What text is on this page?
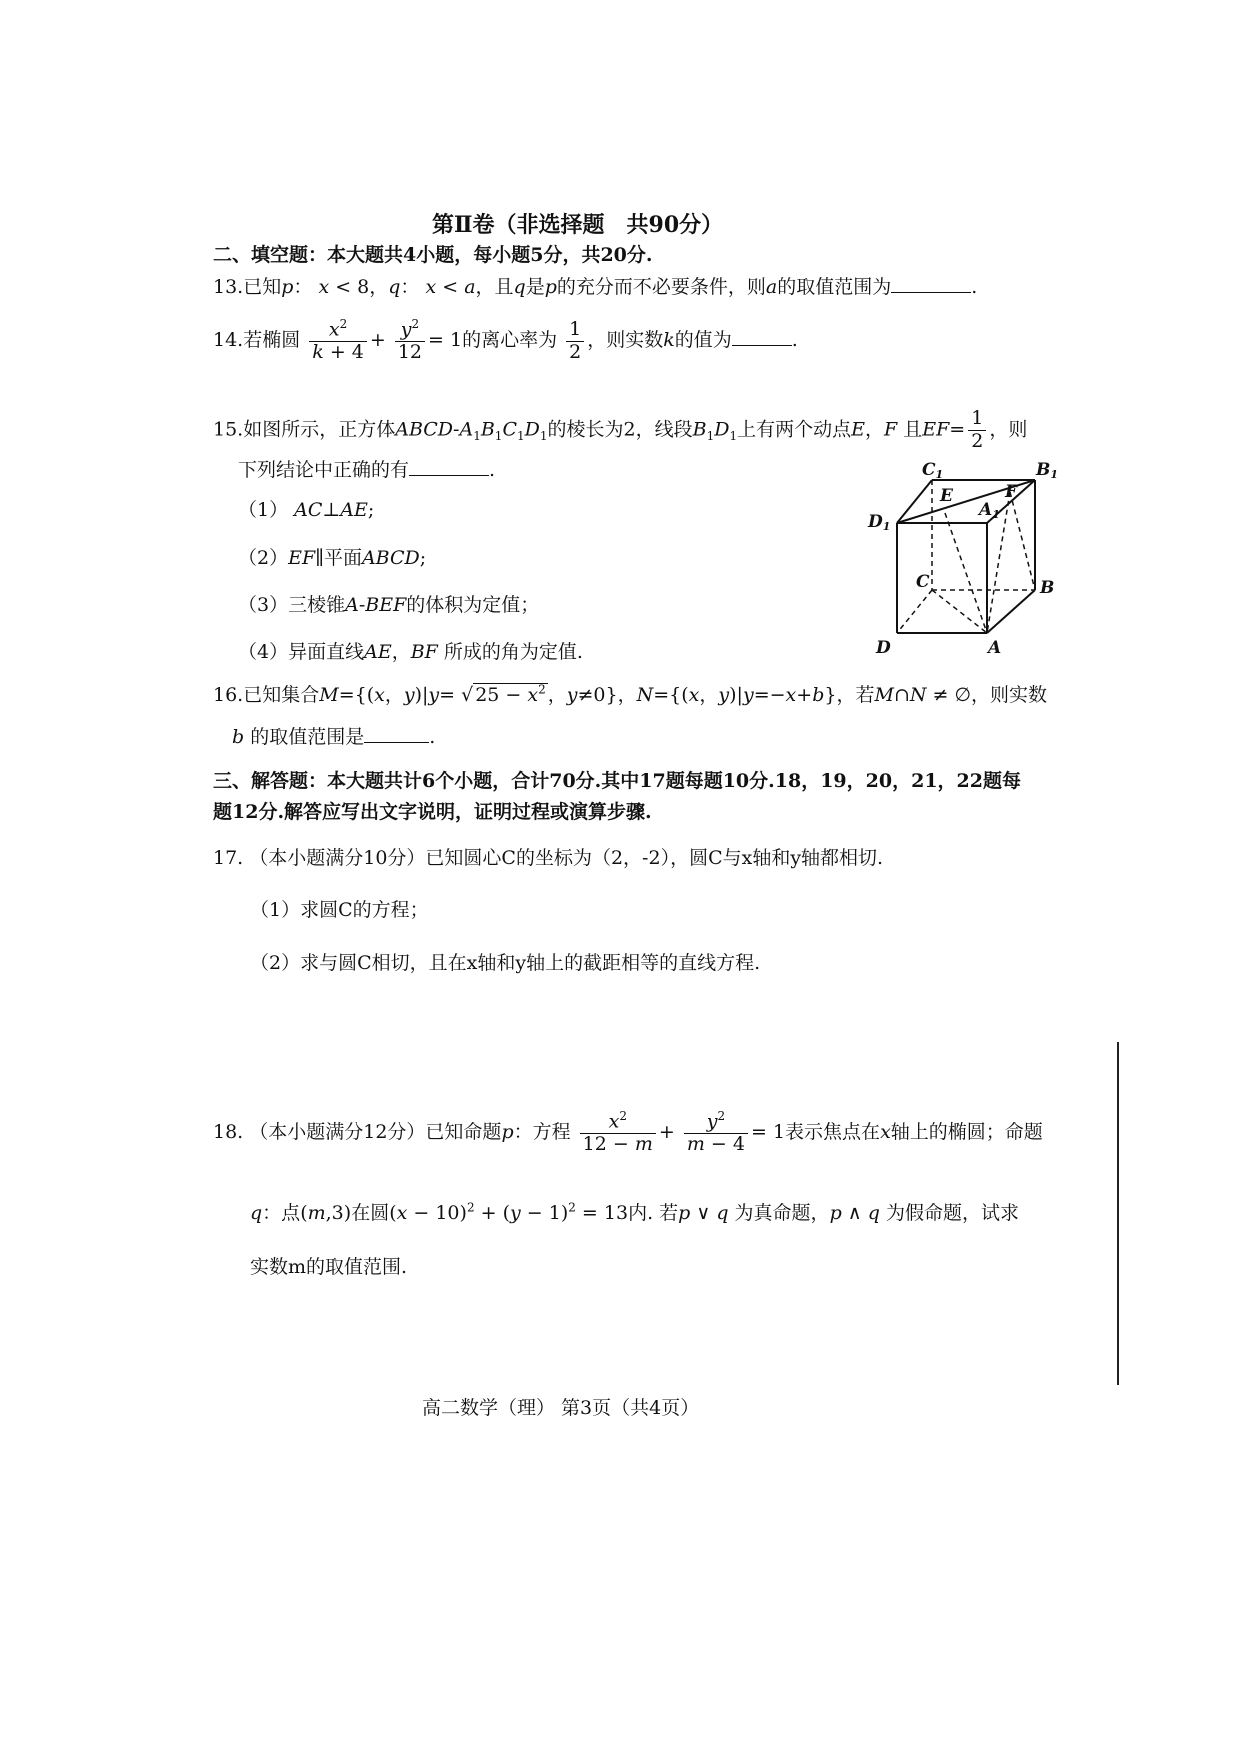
第Ⅱ卷（非选择题　共90分）
二、填空题：本大题共4小题，每小题5分，共20分.
13.已知p： x < 8，q： x < a，且q是p的充分而不必要条件，则a的取值范围为	.
14.若椭圆 $\frac{x^2}{k + 4} + \frac{y^2}{12} = 1$的离心率为 $\frac{1}{2}$ ，则实数k的值为	.
15.如图所示，正方体ABCD-$A_1B_1C_1D_1$的棱长为2，线段$B_1D_1$上有两个动点E，F 且$EF= \frac{1}{2}$ ，则
下列结论中正确的有	.
（1） AC⊥AE;
（2）EF∥平面ABCD;
（3）三棱锥A-BEF的体积为定值；
（4）异面直线AE，BF 所成的角为定值.
C1	B1
E
A1
F
D1
C	B
D	A
16.已知集合M={(x，y)|y= √ $25 - x^2$ ，y≠0}，N={(x，y)|y=−x+b}，若M∩N ≠ ∅，则实数
b 的取值范围是	.
三、解答题：本大题共计6个小题，合计70分.其中17题每题10分.18，19，20，21，22题每
题12分.解答应写出文字说明，证明过程或演算步骤.
17. （本小题满分10分）已知圆心C的坐标为（2，-2），圆C与x轴和y轴都相切.
（1）求圆C的方程；
（2）求与圆C相切，且在x轴和y轴上的截距相等的直线方程.
18. （本小题满分12分）已知命题p：方程 $\frac{x^2}{12 - m} + \frac{y^2}{m - 4} = 1$表示焦点在x轴上的椭圆；命题
q：点(m,3)在圆$(x - 10)^2 + (y - 1)^2 = 13$内. 若p ∨ q 为真命题，p ∧ q 为假命题，试求
实数m的取值范围.
高二数学（理） 第3页（共4页）
